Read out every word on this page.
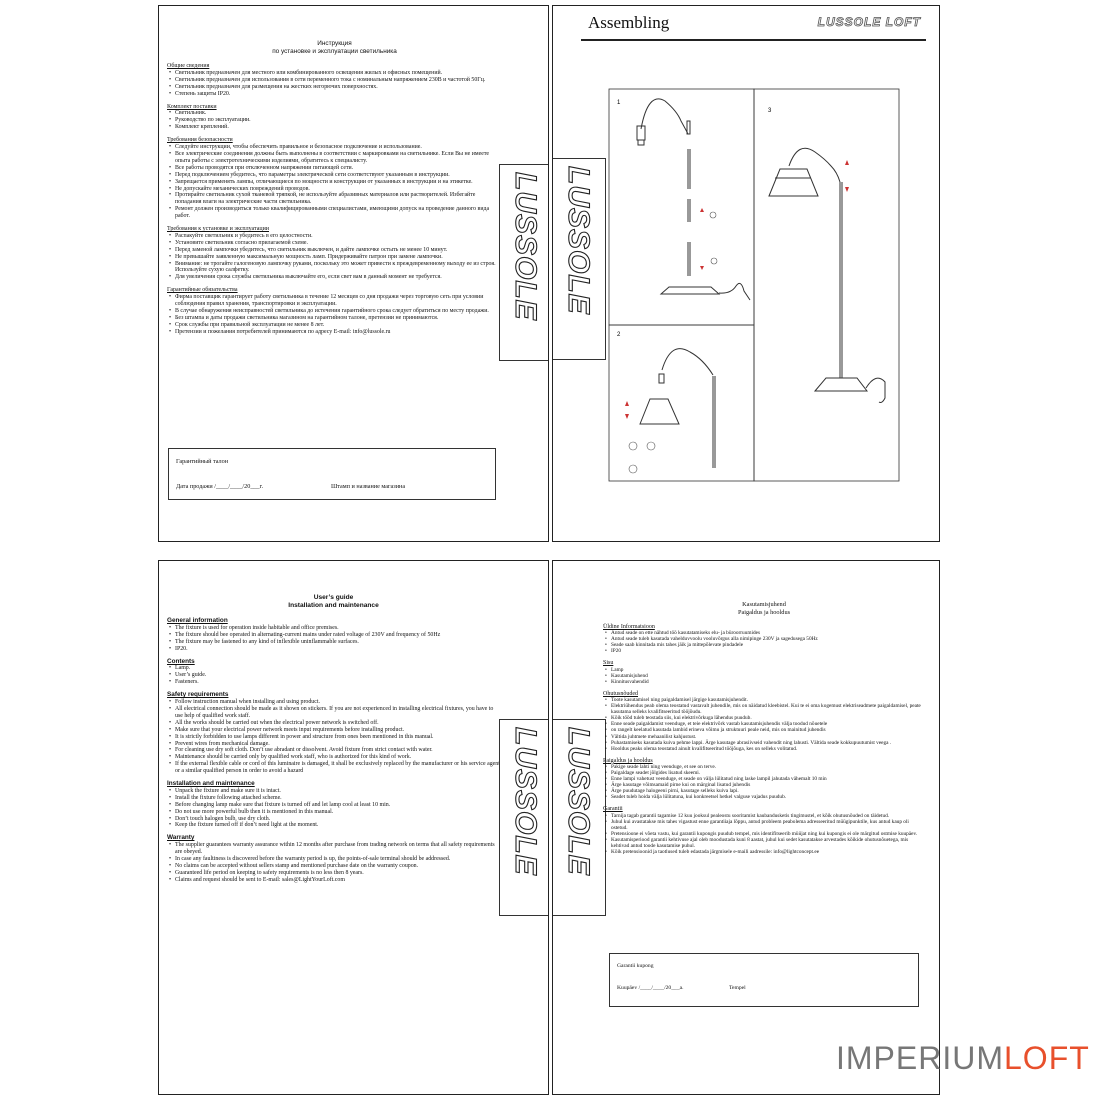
Инструкция
по установке и эксплуатации светильника
Общие сведения
• Светильник предназначен для местного или комбинированного освещения жилых и офисных помещений.
• Светильник предназначен для использования в сети переменного тока с номинальным напряжением 230В и частотой 50Гц.
• Светильник предназначен для размещения на жестких негорючих поверхностях.
• Степень защиты IP20.
Комплект поставки
• Светильник.
• Руководство по эксплуатации.
• Комплект креплений.
Требования безопасности
• Следуйте инструкции, чтобы обеспечить правильное и безопасное подключение и использование.
• Все электрические соединения должны быть выполнены в соответствии с маркировками на светильнике. Если Вы не имеете опыта работы с электротехническими изделиями, обратитесь к специалисту.
• Все работы проводятся при отключенном напряжении питающей сети.
• Перед подключением убедитесь, что параметры электрической сети соответствуют указанным в инструкции.
• Запрещается применять лампы, отличающиеся по мощности и конструкции от указанных в инструкции и на этикетке.
• Не допускайте механических повреждений проводов.
• Протирайте светильник сухой тканевой тряпкой, не используйте абразивных материалов или растворителей. Избегайте попадания влаги на электрические части светильника.
• Ремонт должен производиться только квалифицированными специалистами, имеющими допуск на проведение данного вида работ.
Требования к установке и эксплуатации
• Распакуйте светильник и убедитесь в его целостности.
• Установите светильник согласно прилагаемой схеме.
• Перед заменой лампочки убедитесь, что светильник выключен, и дайте лампочке остыть не менее 10 минут.
• Не превышайте заявленную максимальную мощность ламп. Придерживайте патрон при замене лампочки.
• Внимание: не трогайте галогеновую лампочку руками, поскольку это может привести к преждевременному выходу ее из строя. Используйте сухую салфетку.
• Для увеличения срока службы светильника выключайте его, если свет вам в данный момент не требуется.
Гарантийные обязательства
• Фирма поставщик гарантирует работу светильника в течение 12 месяцев со дня продажи через торговую сеть при условии соблюдения правил хранения, транспортировки и эксплуатации.
• В случае обнаружения неисправностей светильника до истечения гарантийного срока следует обратиться по месту продажи.
• Без штампа и даты продажи светильника магазином на гарантийном талоне, претензии не принимаются.
• Срок службы при правильной эксплуатации не менее 8 лет.
• Претензии и пожелания потребителей принимаются по адресу E-mail: info@lussole.ru
LUSSOLE
Гарантийный талон
Дата продажи /____/____/20___г.	Штамп и название магазина
Assembling	LUSSOLE LOFT
LUSSOLE
1
2
3
User’s guide
Installation and maintenance
General information
• The fixture is used for operation inside habitable and office premises.
• The fixture should bee operated in alternating-current mains under rated voltage of 230V and frequency of 50Hz
• The fixture may be fastened to any kind of inflexible uninflammable surfaces.
• IP20.
Contents
• Lamp.
• User’s guide.
• Fasteners.
Safety requirements
• Follow instruction manual when installing and using product.
• All electrical connection should be made as it shown on stickers. If you are not experienced in installing electrical fixtures, you have to use help of qualified work staff.
• All the works should be carried out when the electrical power network is switched off.
• Make sure that your electrical power network meets input requirements before installing product.
• It is strictly forbidden to use lamps different in power and structure from ones been mentioned in this manual.
• Prevent wires from mechanical damage.
• For cleaning use dry soft cloth. Don’t use abradant or dissolvent. Avoid fixture from strict contact with water.
• Maintenance should be carried only by qualified work staff, who is authorized for this kind of work.
• If the external flexible cable or cord of this luminaire is damaged, it shall be exclusively replaced by the manufacturer or his service agent or a similar qualified person in order to avoid a hazard
Installation and maintenance
• Unpack the fixture and make sure it is intact.
• Install the fixture following attached scheme.
• Before changing lamp make sure that fixture is turned off and let lamp cool at least 10 min.
• Do not use more powerful bulb then it is mentioned in this manual.
• Don’t touch halogen bulb, use dry cloth.
• Keep the fixture turned off if don’t need light at the moment.
Warranty
• The supplier guarantees warranty assurance within 12 months after purchase from trading network on terms that all safety requirements are obeyed.
• In case any faultiness is discovered before the warranty period is up, the points-of-sale terminal should be addressed.
• No claims can be accepted without sellers stamp and mentioned purchase date on the warranty coupon.
• Guaranteed life period on keeping to safety requirements is no less then 8 years.
• Claims and request should be sent to E-mail: sales@LightYourLoft.com
LUSSOLE LUSSOLE
Kasutamisjuhend
Paigaldus ja hooldus
Üldine Informatsioon
• Antud seade on ette nähtud töö kasutatamiseks elu- ja büroorruumides
• Antud seade tuleb kasutada vahelduvvoolu vooluvõrgus alla nimipinge 230V ja sagedusega 50Hz
• Seade saab kinnitada mis tahes jäik ja mittepõlevate pindadele
• IP20
Sisu
• Lamp
• Kasutamisjuhend
• Kinnitusvahendid
Ohutusnõuded
• Toote kasutamisel ning paigaldamisel järgige kasutamisjuhendit.
• Elektriühendus peab olema teostatud vastavalt juhendile, mis on näidatud kleebistel. Kui te ei oma kogemust elektriseadmete paigaldamisel, peate kasutama selleks kvalifitseeritud tööjõudu.
• Kõik tööd tuleb teostada siis, kui elektrivõrkuga lähendus puudub.
• Enne seade paigaldamist veenduge, et teie elektrivõrk vastab kasutamisjuhendis välja toodud nõuetele
• on rangelt keelatud kasutada lambid erineva võimu ja struktuuri peale neid, mis on mainitud juhendis
• Vältida juhtmete mehaanilist kahjustust.
• Puhastamiseks kasutada kuiva pehme lappi. Ärge kasutage abrasiivseid vahendit ning lahusti. Vältida seade kokkupuutumist veega .
• Hooldus peaks olema teostatud ainult kvalifitseeritud tööjõuga, kes on selleks volitatud.
Paigaldus ja hooldus
• Pakige seade lahti ning veenduge, et see on terve.
• Paigaldage seadet jõlgides lisatud skeemi.
• Enne lampi vahetust veenduge, et seade on välja lülitatud ning laske lampil jahutada vähemalt 10 min
• Ärge kasutage võimsamaid pirne kui on märginal lisatud juhendis
• Ärge puudutage halogeeni pirni, kasutage selleks kuiva lapi.
• Seadet tuleb hoida välja lülitatuna, kui konkreetsel hetkel valguse vajadus puudub.
Garantii
• Tarnija tagab garantii tagamise 12 kuu jooksul pealeostu sooritamist kaubandusketis tingimustel, et kõik ohutusnõuded on täidetud.
• Juhul kui avastatakse mis tahes vigastust enne garantiiaja lõppu, antud probleem peabolema adresseeritud müügipunktile, kus antud kaup oli ostetud.
• Pretensioone ei võeta vastu, kui garantii kupongis puudub tempel, mis identifitseerib müüjat ning kui kupongis ei ole märgitud ostmise kuupäev.
• Kasutamisperiood garantii kehtivuse ajal oleb moodustada kuni 8 aastat, juhul kui sedet kasutatakse arvestades kõikide ohutusnõuetega, mis kehtivad antud toode kasutamise puhul.
• Kõik pretensioonid ja taotlused tuleb edastada järgmisele e-maili aadressile: info@lightconcept.ee
Garantii kupong
Kuupäev /____/____/20___a.	Tempel
IMPERIUMLOFT
